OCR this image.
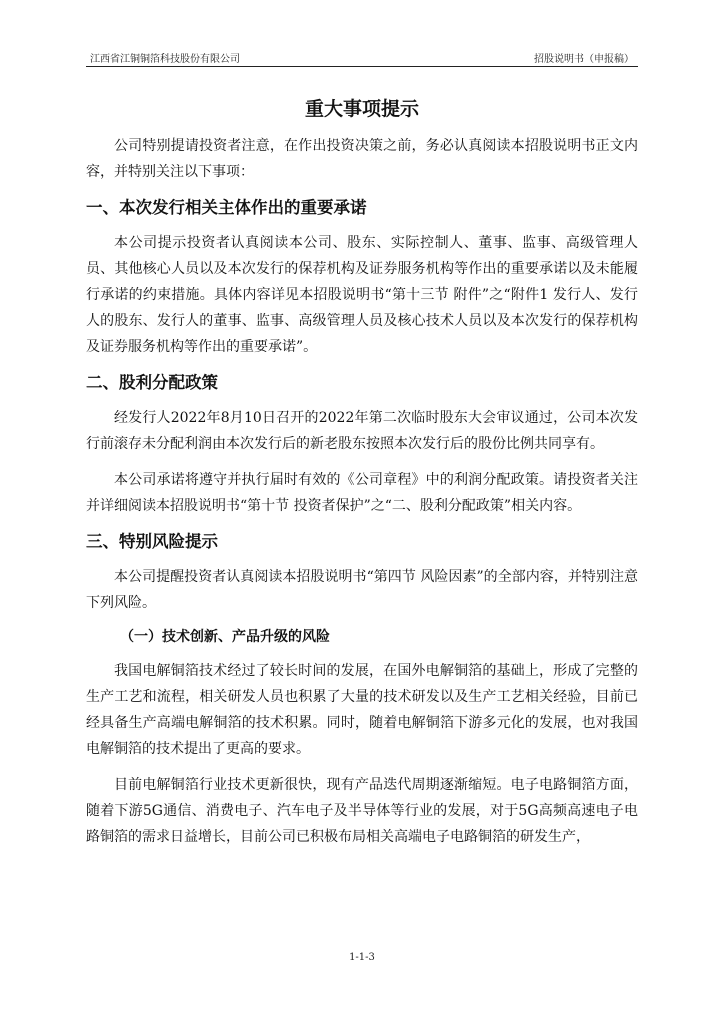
江西省江铜铜箔科技股份有限公司	招股说明书（申报稿）
重大事项提示

公司特别提请投资者注意，在作出投资决策之前，务必认真阅读本招股说明书正文内容，并特别关注以下事项：

一、本次发行相关主体作出的重要承诺

本公司提示投资者认真阅读本公司、股东、实际控制人、董事、监事、高级管理人员、其他核心人员以及本次发行的保荐机构及证券服务机构等作出的重要承诺以及未能履行承诺的约束措施。具体内容详见本招股说明书“第十三节 附件”之“附件1 发行人、发行人的股东、发行人的董事、监事、高级管理人员及核心技术人员以及本次发行的保荐机构及证券服务机构等作出的重要承诺”。

二、股利分配政策

经发行人2022年8月10日召开的2022年第二次临时股东大会审议通过，公司本次发行前滚存未分配利润由本次发行后的新老股东按照本次发行后的股份比例共同享有。

本公司承诺将遵守并执行届时有效的《公司章程》中的利润分配政策。请投资者关注并详细阅读本招股说明书“第十节 投资者保护”之“二、股利分配政策”相关内容。

三、特别风险提示

本公司提醒投资者认真阅读本招股说明书“第四节 风险因素”的全部内容，并特别注意下列风险。

（一）技术创新、产品升级的风险

我国电解铜箔技术经过了较长时间的发展，在国外电解铜箔的基础上，形成了完整的生产工艺和流程，相关研发人员也积累了大量的技术研发以及生产工艺相关经验，目前已经具备生产高端电解铜箔的技术积累。同时，随着电解铜箔下游多元化的发展，也对我国电解铜箔的技术提出了更高的要求。

目前电解铜箔行业技术更新很快，现有产品迭代周期逐渐缩短。电子电路铜箔方面，随着下游5G通信、消费电子、汽车电子及半导体等行业的发展，对于5G高频高速电子电路铜箔的需求日益增长，目前公司已积极布局相关高端电子电路铜箔的研发生产，

1-1-3
